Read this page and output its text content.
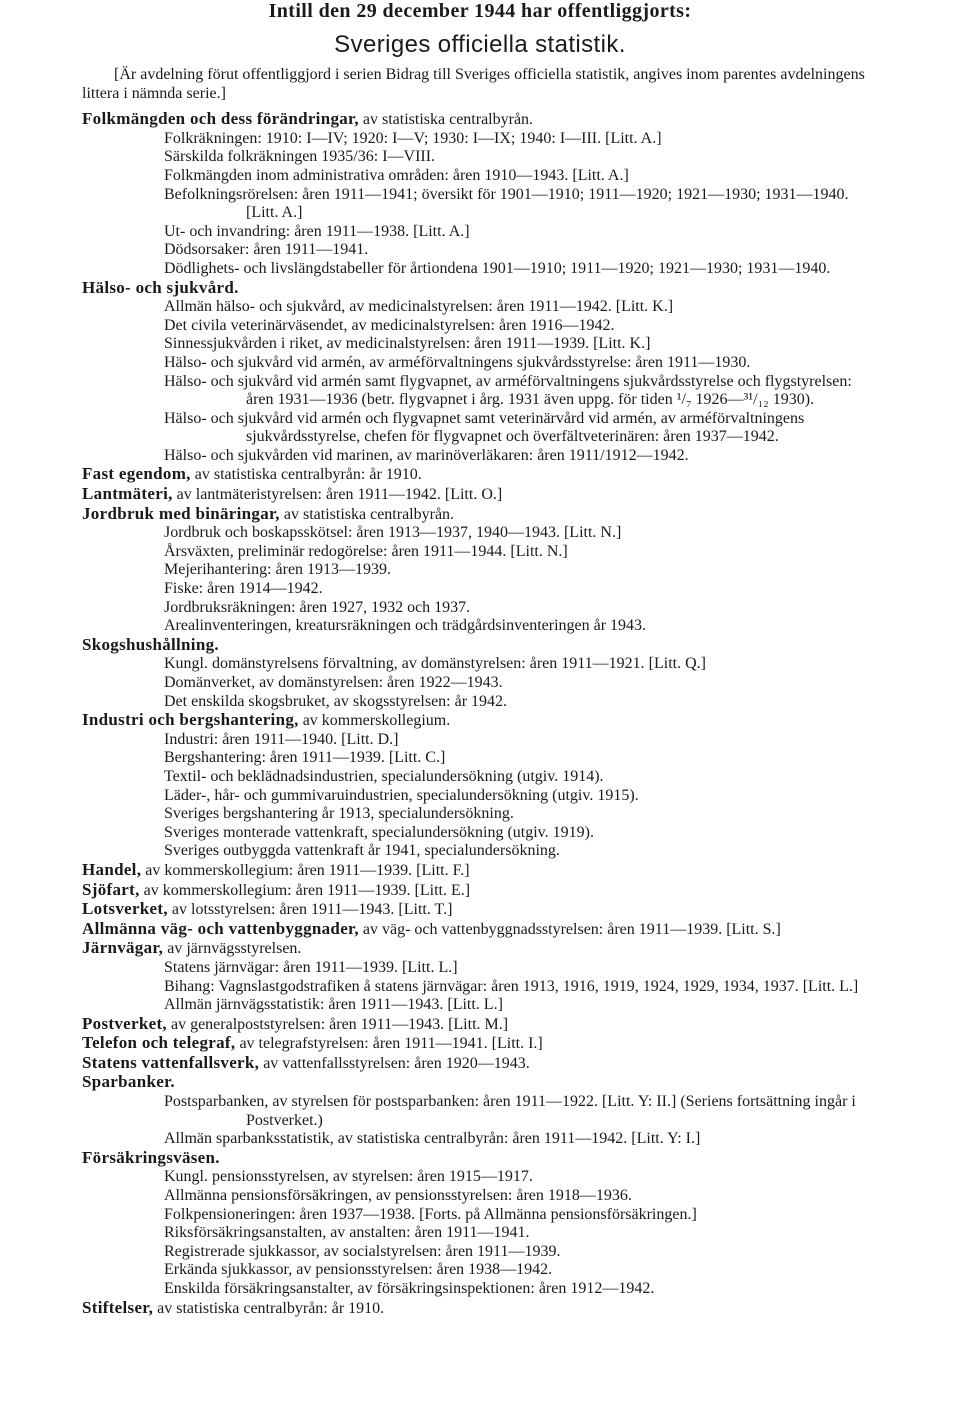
Intill den 29 december 1944 har offentliggjorts:
Sveriges officiella statistik.

[Är avdelning förut offentliggjord i serien Bidrag till Sveriges officiella statistik, angives inom parentes avdelningens littera i nämnda serie.]

Folkmängden och dess förändringar, av statistiska centralbyrån.
Folkräkningen: 1910: I—IV; 1920: I—V; 1930: I—IX; 1940: I—III. [Litt. A.]
Särskilda folkräkningen 1935/36: I—VIII.
Folkmängden inom administrativa områden: åren 1910—1943. [Litt. A.]
Befolkningsrörelsen: åren 1911—1941; översikt för 1901—1910; 1911—1920; 1921—1930; 1931—1940. [Litt. A.]
Ut- och invandring: åren 1911—1938. [Litt. A.]
Dödsorsaker: åren 1911—1941.
Dödlighets- och livslängdstabeller för årtiondena 1901—1910; 1911—1920; 1921—1930; 1931—1940.
Hälso- och sjukvård.
Allmän hälso- och sjukvård, av medicinalstyrelsen: åren 1911—1942. [Litt. K.]
Det civila veterinärväsendet, av medicinalstyrelsen: åren 1916—1942.
Sinnessjukvården i riket, av medicinalstyrelsen: åren 1911—1939. [Litt. K.]
Hälso- och sjukvård vid armén, av arméförvaltningens sjukvårdsstyrelse: åren 1911—1930.
Hälso- och sjukvård vid armén samt flygvapnet, av arméförvaltningens sjukvårdsstyrelse och flygstyrelsen: åren 1931—1936 (betr. flygvapnet i årg. 1931 även uppg. för tiden ¹/₇ 1926—³¹/₁₂ 1930).
Hälso- och sjukvård vid armén och flygvapnet samt veterinärvård vid armén, av arméförvaltningens sjukvårdsstyrelse, chefen för flygvapnet och överfältveterinären: åren 1937—1942.
Hälso- och sjukvården vid marinen, av marinöverläkaren: åren 1911/1912—1942.
Fast egendom, av statistiska centralbyrån: år 1910.
Lantmäteri, av lantmäteristyrelsen: åren 1911—1942. [Litt. O.]
Jordbruk med binäringar, av statistiska centralbyrån.
Jordbruk och boskapsskötsel: åren 1913—1937, 1940—1943. [Litt. N.]
Årsväxten, preliminär redogörelse: åren 1911—1944. [Litt. N.]
Mejerihantering: åren 1913—1939.
Fiske: åren 1914—1942.
Jordbruksräkningen: åren 1927, 1932 och 1937.
Arealinventeringen, kreatursräkningen och trädgårdsinventeringen år 1943.
Skogshushållning.
Kungl. domänstyrelsens förvaltning, av domänstyrelsen: åren 1911—1921. [Litt. Q.]
Domänverket, av domänstyrelsen: åren 1922—1943.
Det enskilda skogsbruket, av skogsstyrelsen: år 1942.
Industri och bergshantering, av kommerskollegium.
Industri: åren 1911—1940. [Litt. D.]
Bergshantering: åren 1911—1939. [Litt. C.]
Textil- och beklädnadsindustrien, specialundersökning (utgiv. 1914).
Läder-, hår- och gummivaruindustrien, specialundersökning (utgiv. 1915).
Sveriges bergshantering år 1913, specialundersökning.
Sveriges monterade vattenkraft, specialundersökning (utgiv. 1919).
Sveriges outbyggda vattenkraft år 1941, specialundersökning.
Handel, av kommerskollegium: åren 1911—1939. [Litt. F.]
Sjöfart, av kommerskollegium: åren 1911—1939. [Litt. E.]
Lotsverket, av lotsstyrelsen: åren 1911—1943. [Litt. T.]
Allmänna väg- och vattenbyggnader, av väg- och vattenbyggnadsstyrelsen: åren 1911—1939. [Litt. S.]
Järnvägar, av järnvägsstyrelsen.
Statens järnvägar: åren 1911—1939. [Litt. L.]
Bihang: Vagnslastgodstrafiken å statens järnvägar: åren 1913, 1916, 1919, 1924, 1929, 1934, 1937. [Litt. L.]
Allmän järnvägsstatistik: åren 1911—1943. [Litt. L.]
Postverket, av generalpoststyrelsen: åren 1911—1943. [Litt. M.]
Telefon och telegraf, av telegrafstyrelsen: åren 1911—1941. [Litt. I.]
Statens vattenfallsverk, av vattenfallsstyrelsen: åren 1920—1943.
Sparbanker.
Postsparbanken, av styrelsen för postsparbanken: åren 1911—1922. [Litt. Y: II.] (Seriens fortsättning ingår i Postverket.)
Allmän sparbanksstatistik, av statistiska centralbyrån: åren 1911—1942. [Litt. Y: I.]
Försäkringsväsen.
Kungl. pensionsstyrelsen, av styrelsen: åren 1915—1917.
Allmänna pensionsförsäkringen, av pensionsstyrelsen: åren 1918—1936.
Folkpensioneringen: åren 1937—1938. [Forts. på Allmänna pensionsförsäkringen.]
Riksförsäkringsanstalten, av anstalten: åren 1911—1941.
Registrerade sjukkassor, av socialstyrelsen: åren 1911—1939.
Erkända sjukkassor, av pensionsstyrelsen: åren 1938—1942.
Enskilda försäkringsanstalter, av försäkringsinspektionen: åren 1912—1942.
Stiftelser, av statistiska centralbyrån: år 1910.
